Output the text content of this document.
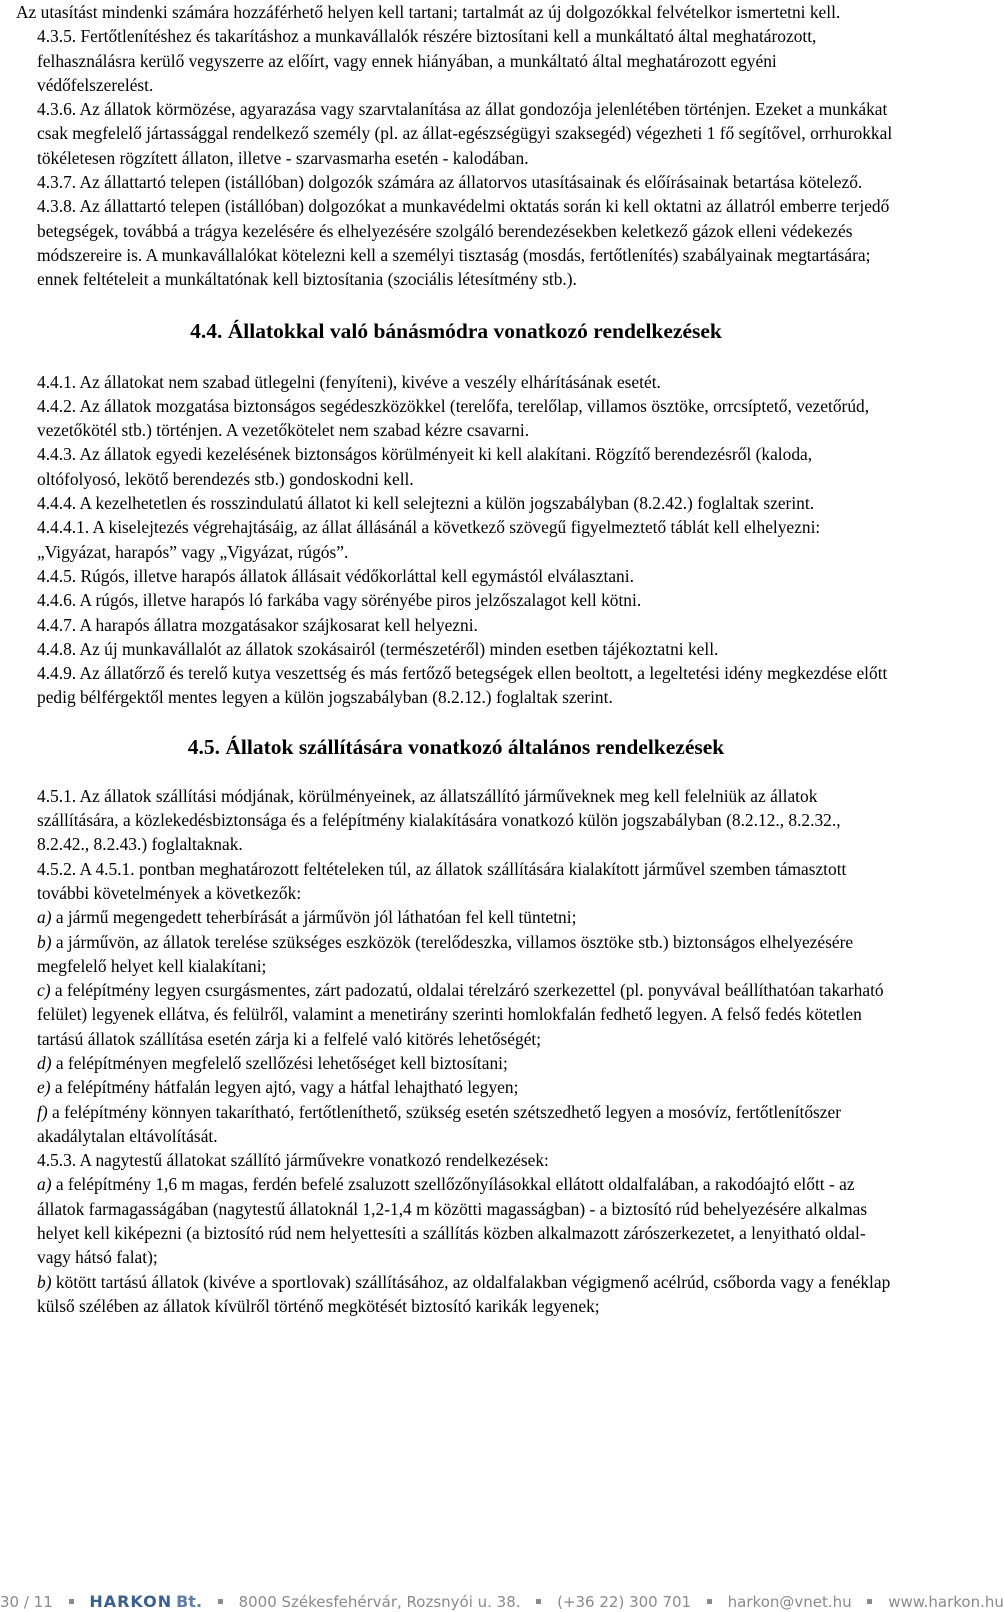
Az utasítást mindenki számára hozzáférhető helyen kell tartani; tartalmát az új dolgozókkal felvételkor ismertetni kell.

4.3.5. Fertőtlenítéshez és takarításhoz a munkavállalók részére biztosítani kell a munkáltató által meghatározott, felhasználásra kerülő vegyszerre az előírt, vagy ennek hiányában, a munkáltató által meghatározott egyéni védőfelszerelést.

4.3.6. Az állatok körmözése, agyarazása vagy szarvtalanítása az állat gondozója jelenlétében történjen. Ezeket a munkákat csak megfelelő jártassággal rendelkező személy (pl. az állat-egészségügyi szaksegéd) végezheti 1 fő segítővel, orrhurokkal tökéletesen rögzített állaton, illetve - szarvasmarha esetén - kalodában.

4.3.7. Az állattartó telepen (istállóban) dolgozók számára az állatorvos utasításainak és előírásainak betartása kötelező.

4.3.8. Az állattartó telepen (istállóban) dolgozókat a munkavédelmi oktatás során ki kell oktatni az állatról emberre terjedő betegségek, továbbá a trágya kezelésére és elhelyezésére szolgáló berendezésekben keletkező gázok elleni védekezés módszereire is. A munkavállalókat kötelezni kell a személyi tisztaság (mosdás, fertőtlenítés) szabályainak megtartására; ennek feltételeit a munkáltatónak kell biztosítania (szociális létesítmény stb.).

4.4. Állatokkal való bánásmódra vonatkozó rendelkezések

4.4.1. Az állatokat nem szabad ütlegelni (fenyíteni), kivéve a veszély elhárításának esetét.

4.4.2. Az állatok mozgatása biztonságos segédeszközökkel (terelőfa, terelőlap, villamos ösztöke, orrcsíptető, vezetőrúd, vezetőkötél stb.) történjen. A vezetőkötelet nem szabad kézre csavarni.

4.4.3. Az állatok egyedi kezelésének biztonságos körülményeit ki kell alakítani. Rögzítő berendezésről (kaloda, oltófolyosó, lekötő berendezés stb.) gondoskodni kell.

4.4.4. A kezelhetetlen és rosszindulatú állatot ki kell selejtezni a külön jogszabályban (8.2.42.) foglaltak szerint.

4.4.4.1. A kiselejtezés végrehajtásáig, az állat állásánál a következő szövegű figyelmeztető táblát kell elhelyezni: „Vigyázat, harapós” vagy „Vigyázat, rúgós”.

4.4.5. Rúgós, illetve harapós állatok állásait védőkorláttal kell egymástól elválasztani.

4.4.6. A rúgós, illetve harapós ló farkába vagy sörényébe piros jelzőszalagot kell kötni.

4.4.7. A harapós állatra mozgatásakor szájkosarat kell helyezni.

4.4.8. Az új munkavállalót az állatok szokásairól (természetéről) minden esetben tájékoztatni kell.

4.4.9. Az állatőrző és terelő kutya veszettség és más fertőző betegségek ellen beoltott, a legeltetési idény megkezdése előtt pedig bélférgektől mentes legyen a külön jogszabályban (8.2.12.) foglaltak szerint.

4.5. Állatok szállítására vonatkozó általános rendelkezések

4.5.1. Az állatok szállítási módjának, körülményeinek, az állatszállító járműveknek meg kell felelniük az állatok szállítására, a közlekedésbiztonsága és a felépítmény kialakítására vonatkozó külön jogszabályban (8.2.12., 8.2.32., 8.2.42., 8.2.43.) foglaltaknak.

4.5.2. A 4.5.1. pontban meghatározott feltételeken túl, az állatok szállítására kialakított járművel szemben támasztott további követelmények a következők:

a) a jármű megengedett teherbírását a járművön jól láthatóan fel kell tüntetni;

b) a járművön, az állatok terelése szükséges eszközök (terelődeszka, villamos ösztöke stb.) biztonságos elhelyezésére megfelelő helyet kell kialakítani;

c) a felépítmény legyen csurgásmentes, zárt padozatú, oldalai térelzáró szerkezettel (pl. ponyvával beállíthatóan takarható felület) legyenek ellátva, és felülről, valamint a menetirány szerinti homlokfalán fedhető legyen. A felső fedés kötetlen tartású állatok szállítása esetén zárja ki a felfelé való kitörés lehetőségét;

d) a felépítményen megfelelő szellőzési lehetőséget kell biztosítani;

e) a felépítmény hátfalán legyen ajtó, vagy a hátfal lehajtható legyen;

f) a felépítmény könnyen takarítható, fertőtleníthető, szükség esetén szétszedhető legyen a mosóvíz, fertőtlenítőszer akadálytalan eltávolítását.

4.5.3. A nagytestű állatokat szállító járművekre vonatkozó rendelkezések:

a) a felépítmény 1,6 m magas, ferdén befelé zsaluzott szellőzőnyílásokkal ellátott oldalfalában, a rakodóajtó előtt - az állatok farmagasságában (nagytestű állatoknál 1,2-1,4 m közötti magasságban) - a biztosító rúd behelyezésére alkalmas helyet kell kiképezni (a biztosító rúd nem helyettesíti a szállítás közben alkalmazott zárószerkezetet, a lenyitható oldal- vagy hátsó falat);

b) kötött tartású állatok (kivéve a sportlovak) szállításához, az oldalfalakban végigmenő acélrúd, csőborda vagy a fenéklap külső szélében az állatok kívülről történő megkötését biztosító karikák legyenek;

30 / 11 HARKON Bt. 8000 Székesfehérvár, Rozsnyói u. 38. (+36 22) 300 701 harkon@vnet.hu www.harkon.hu
